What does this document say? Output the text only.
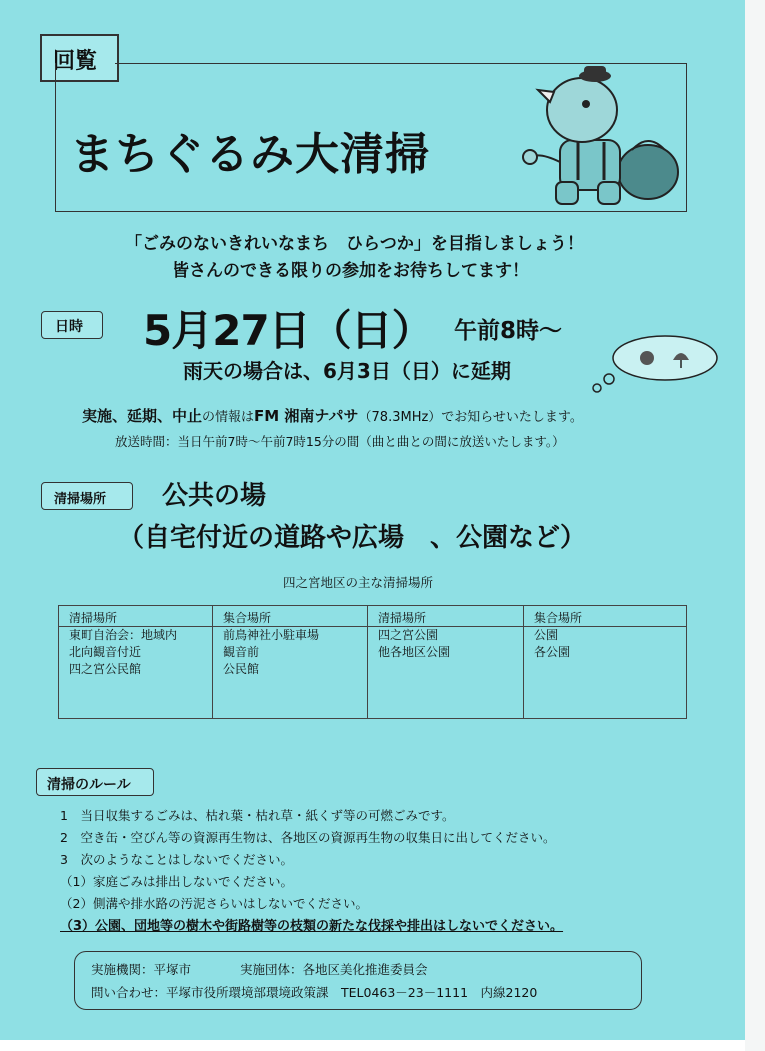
回覧
まちぐるみ大清掃
「ごみのないきれいなまち　ひらつか」を目指しましょう！
皆さんのできる限りの参加をお待ちしてます！
日時 5月27日（日） 午前8時～
雨天の場合は、6月3日（日）に延期
実施、延期、中止の情報はFM 湘南ナパサ（78.3MHz）でお知らせいたします。
放送時間：当日午前7時～午前7時15分の間（曲と曲との間に放送いたします。）
清掃場所 公共の場
（自宅付近の道路や広場　、公園など）
四之宮地区の主な清掃場所
清掃場所
東町自治会：地域内
北向観音付近
四之宮公民館
集合場所
前鳥神社小駐車場
観音前
公民館
清掃場所
四之宮公園
他各地区公園
集合場所
公園
各公園
清掃のルール
1　当日収集するごみは、枯れ葉・枯れ草・紙くず等の可燃ごみです。
2　空き缶・空びん等の資源再生物は、各地区の資源再生物の収集日に出してください。
3　次のようなことはしないでください。
（1）家庭ごみは排出しないでください。
（2）側溝や排水路の汚泥さらいはしないでください。
（3）公園、団地等の樹木や街路樹等の枝類の新たな伐採や排出はしないでください。
実施機関：平塚市	実施団体：各地区美化推進委員会
問い合わせ：平塚市役所環境部環境政策課　TEL0463－23－1111　内線2120
